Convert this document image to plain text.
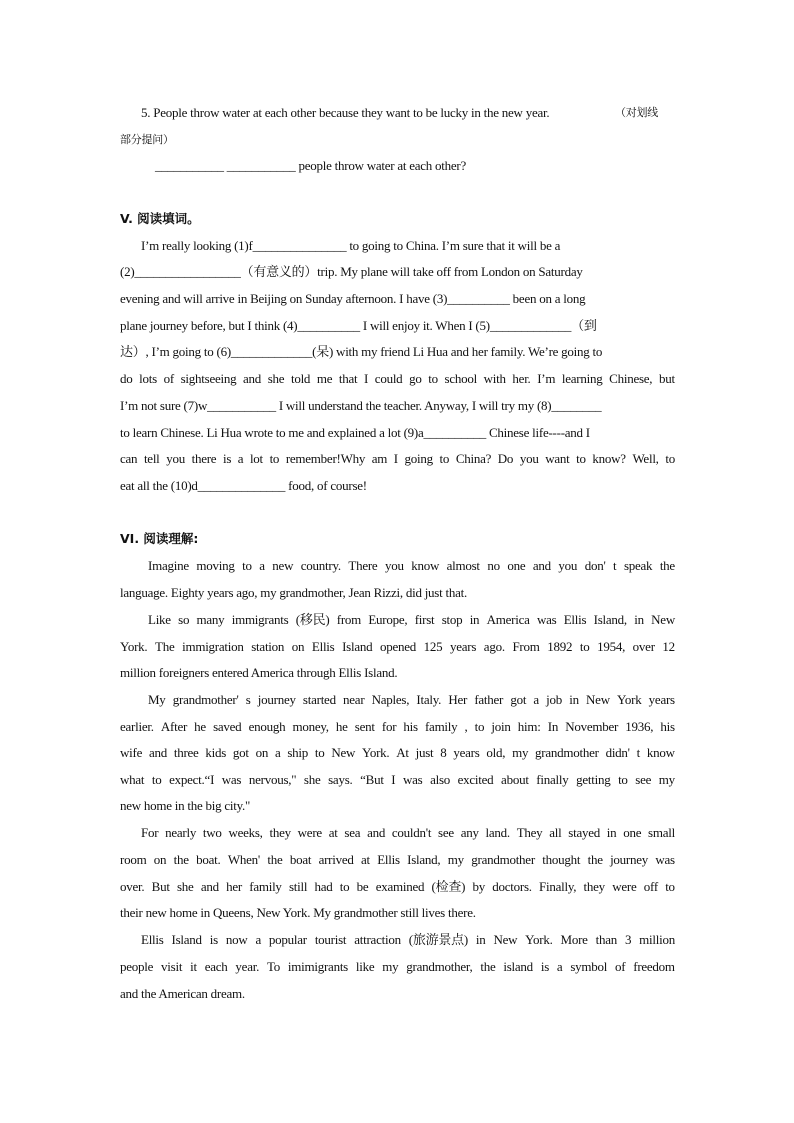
5. People throw water at each other because they want to be lucky in the new year.	（对划线
部分提问）
___________ ___________ people throw water at each other?
V. 阅读填词。
I’m really looking (1)f_______________ to going to China. I’m sure that it will be a
(2)_________________（有意义的）trip. My plane will take off from London on Saturday
evening and will arrive in Beijing on Sunday afternoon. I have (3)__________ been on a long
plane journey before, but I think (4)__________ I will enjoy it. When I (5)_____________（到
达）, I’m going to (6)_____________(呆) with my friend Li Hua and her family. We’re going to
do lots of sightseeing and she told me that I could go to school with her. I’m learning Chinese, but
I’m not sure (7)w___________ I will understand the teacher. Anyway, I will try my (8)________
to learn Chinese. Li Hua wrote to me and explained a lot (9)a__________ Chinese life----and I
can tell you there is a lot to remember!Why am I going to China? Do you want to know? Well, to
eat all the (10)d______________ food, of course!
VI. 阅读理解:
Imagine moving to a new country. There you know almost no one and you don' t speak the
language. Eighty years ago, my grandmother, Jean Rizzi, did just that.
Like so many immigrants (移民) from Europe, first stop in America was Ellis Island, in New
York. The immigration station on Ellis Island opened 125 years ago. From 1892 to 1954, over 12
million foreigners entered America through Ellis Island.
My grandmother' s journey started near Naples, Italy. Her father got a job in New York years
earlier. After he saved enough money, he sent for his family , to join him: In November 1936, his
wife and three kids got on a ship to New York. At just 8 years old, my grandmother didn' t know
what to expect.“I was nervous," she says. “But I was also excited about finally getting to see my
new home in the big city."
For nearly two weeks, they were at sea and couldn't see any land. They all stayed in one small
room on the boat. When' the boat arrived at Ellis Island, my grandmother thought the journey was
over. But she and her family still had to be examined (检查) by doctors. Finally, they were off to
their new home in Queens, New York. My grandmother still lives there.
Ellis Island is now a popular tourist attraction (旅游景点) in New York. More than 3 million
people visit it each year. To imimigrants like my grandmother, the island is a symbol of freedom
and the American dream.
